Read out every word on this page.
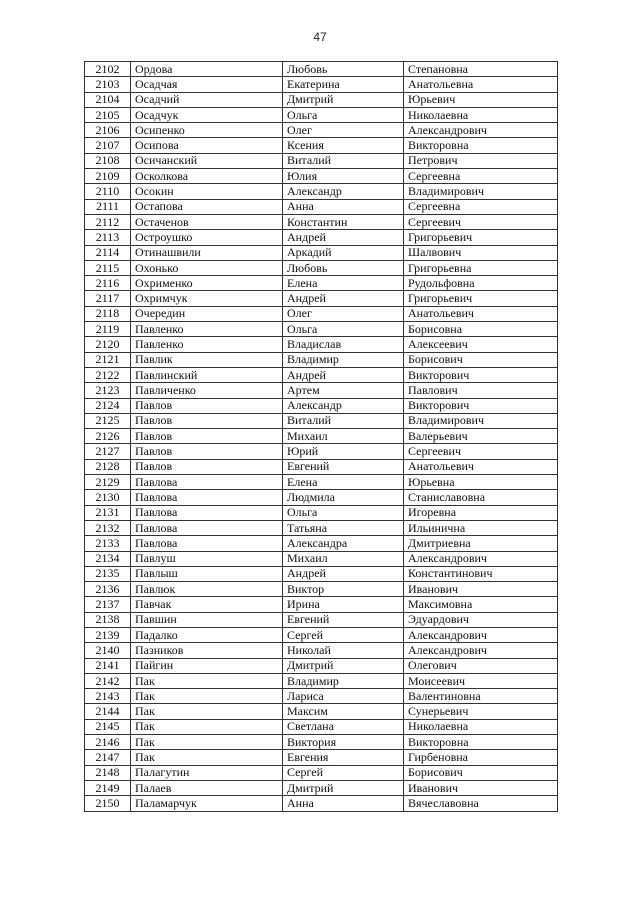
47
2102	Ордова	Любовь	Степановна
2103	Осадчая	Екатерина	Анатольевна
2104	Осадчий	Дмитрий	Юрьевич
2105	Осадчук	Ольга	Николаевна
2106	Осипенко	Олег	Александрович
2107	Осипова	Ксения	Викторовна
2108	Осичанский	Виталий	Петрович
2109	Осколкова	Юлия	Сергеевна
2110	Осокин	Александр	Владимирович
2111	Остапова	Анна	Сергеевна
2112	Остаченов	Константин	Сергеевич
2113	Остроушко	Андрей	Григорьевич
2114	Отинашвили	Аркадий	Шалвович
2115	Охонько	Любовь	Григорьевна
2116	Охрименко	Елена	Рудольфовна
2117	Охримчук	Андрей	Григорьевич
2118	Очередин	Олег	Анатольевич
2119	Павленко	Ольга	Борисовна
2120	Павленко	Владислав	Алексеевич
2121	Павлик	Владимир	Борисович
2122	Павлинский	Андрей	Викторович
2123	Павличенко	Артем	Павлович
2124	Павлов	Александр	Викторович
2125	Павлов	Виталий	Владимирович
2126	Павлов	Михаил	Валерьевич
2127	Павлов	Юрий	Сергеевич
2128	Павлов	Евгений	Анатольевич
2129	Павлова	Елена	Юрьевна
2130	Павлова	Людмила	Станиславовна
2131	Павлова	Ольга	Игоревна
2132	Павлова	Татьяна	Ильинична
2133	Павлова	Александра	Дмитриевна
2134	Павлуш	Михаил	Александрович
2135	Павлыш	Андрей	Константинович
2136	Павлюк	Виктор	Иванович
2137	Павчак	Ирина	Максимовна
2138	Павшин	Евгений	Эдуардович
2139	Падалко	Сергей	Александрович
2140	Пазников	Николай	Александрович
2141	Пайгин	Дмитрий	Олегович
2142	Пак	Владимир	Моисеевич
2143	Пак	Лариса	Валентиновна
2144	Пак	Максим	Сунерьевич
2145	Пак	Светлана	Николаевна
2146	Пак	Виктория	Викторовна
2147	Пак	Евгения	Гирбеновна
2148	Палагутин	Сергей	Борисович
2149	Палаев	Дмитрий	Иванович
2150	Паламарчук	Анна	Вячеславовна
